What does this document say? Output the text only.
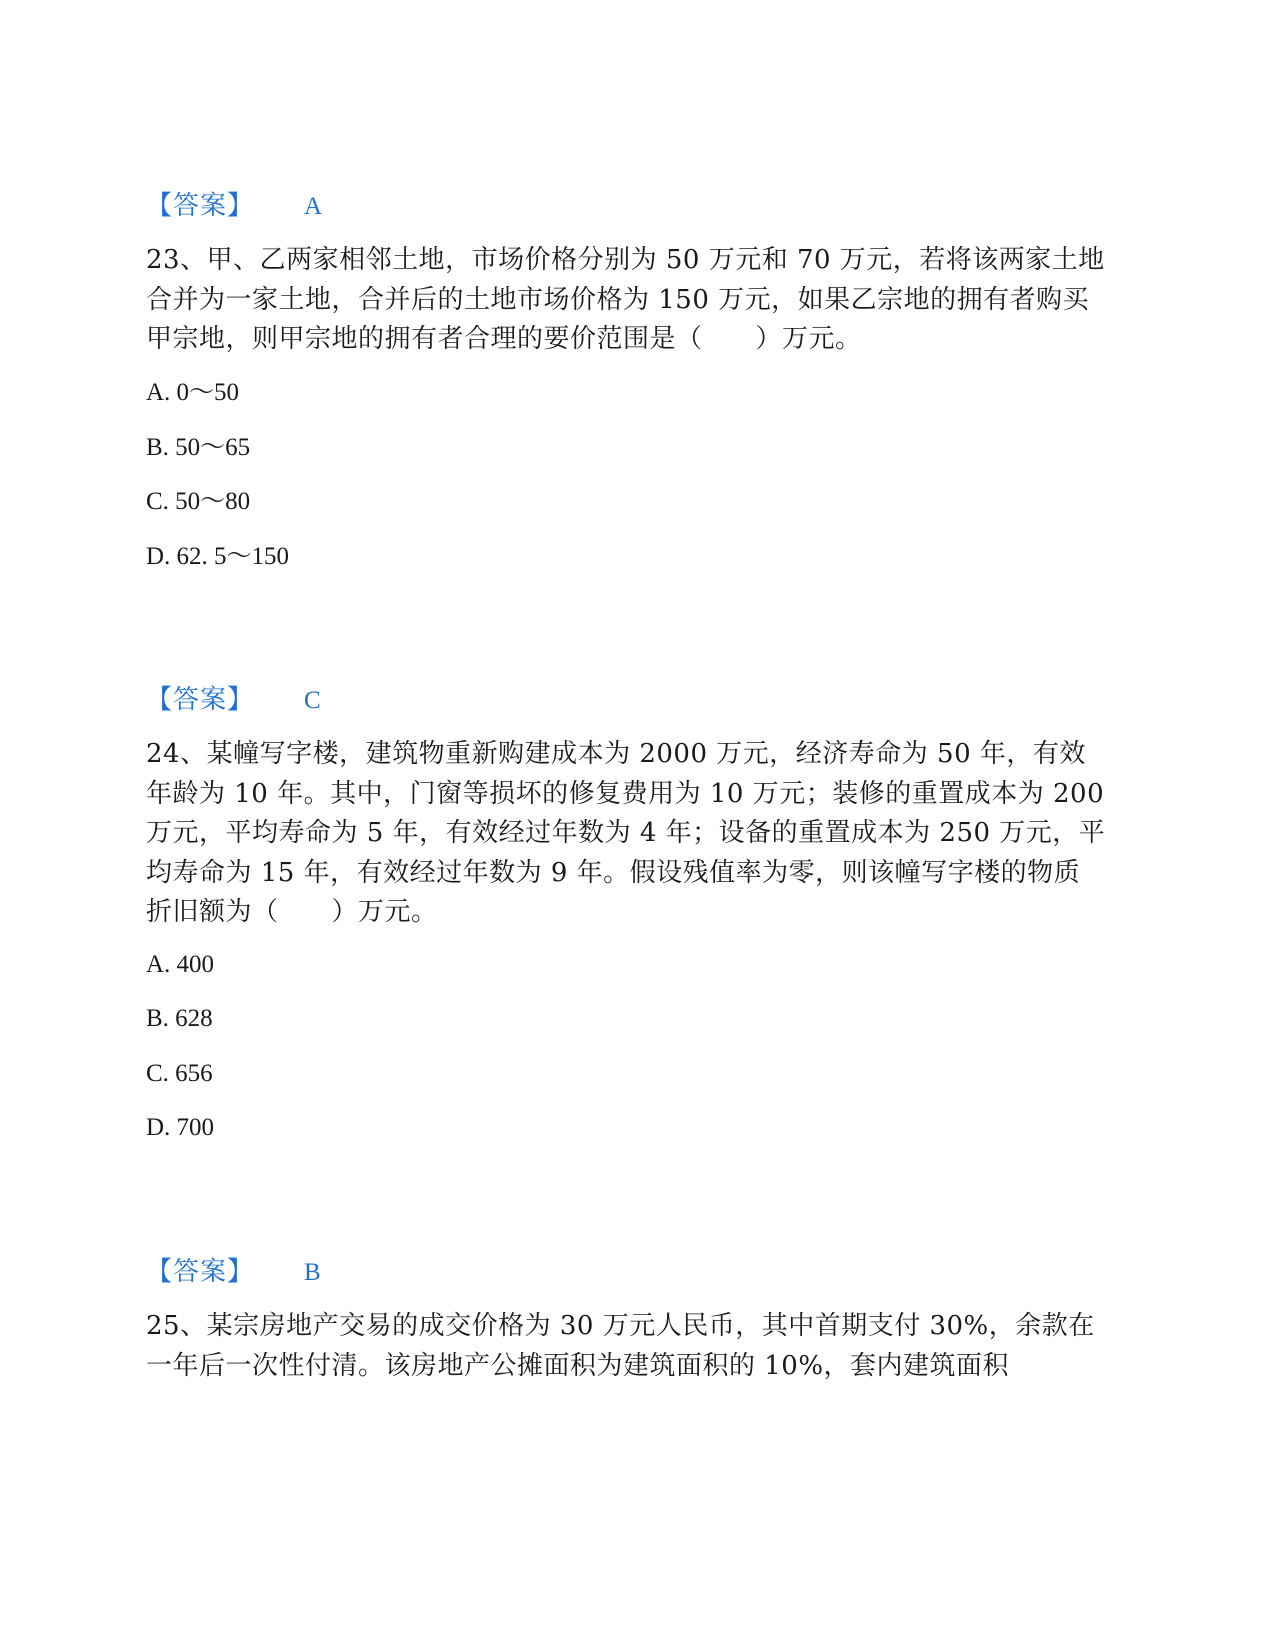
【答案】 A

23、甲、乙两家相邻土地，市场价格分别为 50 万元和 70 万元，若将该两家土地合并为一家土地，合并后的土地市场价格为 150 万元，如果乙宗地的拥有者购买甲宗地，则甲宗地的拥有者合理的要价范围是（　　）万元。

A. 0～50
B. 50～65
C. 50～80
D. 62. 5～150
【答案】 C

24、某幢写字楼，建筑物重新购建成本为 2000 万元，经济寿命为 50 年，有效年龄为 10 年。其中，门窗等损坏的修复费用为 10 万元；装修的重置成本为 200 万元，平均寿命为 5 年，有效经过年数为 4 年；设备的重置成本为 250 万元，平均寿命为 15 年，有效经过年数为 9 年。假设残值率为零，则该幢写字楼的物质折旧额为（　　）万元。

A. 400
B. 628
C. 656
D. 700
【答案】 B

25、某宗房地产交易的成交价格为 30 万元人民币，其中首期支付 30%，余款在一年后一次性付清。该房地产公摊面积为建筑面积的 10%，套内建筑面积
